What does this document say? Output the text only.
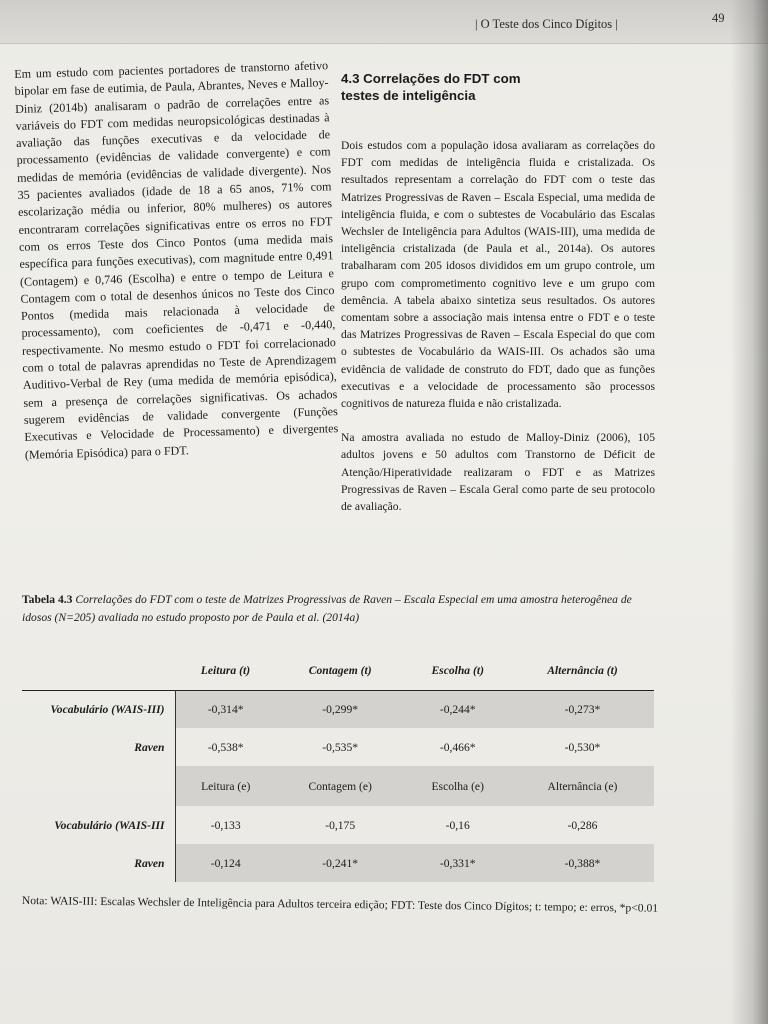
| O Teste dos Cinco Dígitos |	49
Em um estudo com pacientes portadores de transtorno afetivo bipolar em fase de eutimia, de Paula, Abrantes, Neves e Malloy-Diniz (2014b) analisaram o padrão de correlações entre as variáveis do FDT com medidas neuropsicológicas destinadas à avaliação das funções executivas e da velocidade de processamento (evidências de validade convergente) e com medidas de memória (evidências de validade divergente). Nos 35 pacientes avaliados (idade de 18 a 65 anos, 71% com escolarização média ou inferior, 80% mulheres) os autores encontraram correlações significativas entre os erros no FDT com os erros Teste dos Cinco Pontos (uma medida mais específica para funções executivas), com magnitude entre 0,491 (Contagem) e 0,746 (Escolha) e entre o tempo de Leitura e Contagem com o total de desenhos únicos no Teste dos Cinco Pontos (medida mais relacionada à velocidade de processamento), com coeficientes de -0,471 e -0,440, respectivamente. No mesmo estudo o FDT foi correlacionado com o total de palavras aprendidas no Teste de Aprendizagem Auditivo-Verbal de Rey (uma medida de memória episódica), sem a presença de correlações significativas. Os achados sugerem evidências de validade convergente (Funções Executivas e Velocidade de Processamento) e divergentes (Memória Episódica) para o FDT.
4.3 Correlações do FDT com
testes de inteligência

Dois estudos com a população idosa avaliaram as correlações do FDT com medidas de inteligência fluida e cristalizada. Os resultados representam a correlação do FDT com o teste das Matrizes Progressivas de Raven – Escala Especial, uma medida de inteligência fluida, e com o subtestes de Vocabulário das Escalas Wechsler de Inteligência para Adultos (WAIS-III), uma medida de inteligência cristalizada (de Paula et al., 2014a). Os autores trabalharam com 205 idosos divididos em um grupo controle, um grupo com comprometimento cognitivo leve e um grupo com demência. A tabela abaixo sintetiza seus resultados. Os autores comentam sobre a associação mais intensa entre o FDT e o teste das Matrizes Progressivas de Raven – Escala Especial do que com o subtestes de Vocabulário da WAIS-III. Os achados são uma evidência de validade de construto do FDT, dado que as funções executivas e a velocidade de processamento são processos cognitivos de natureza fluida e não cristalizada.

Na amostra avaliada no estudo de Malloy-Diniz (2006), 105 adultos jovens e 50 adultos com Transtorno de Déficit de Atenção/Hiperatividade realizaram o FDT e as Matrizes Progressivas de Raven – Escala Geral como parte de seu protocolo de avaliação.

Tabela 4.3 Correlações do FDT com o teste de Matrizes Progressivas de Raven – Escala Especial em uma amostra heterogênea de idosos (N=205) avaliada no estudo proposto por de Paula et al. (2014a)
	Leitura (t)	Contagem (t)	Escolha (t)	Alternância (t)
Vocabulário (WAIS-III)	-0,314*	-0,299*	-0,244*	-0,273*
Raven	-0,538*	-0,535*	-0,466*	-0,530*
	Leitura (e)	Contagem (e)	Escolha (e)	Alternância (e)
Vocabulário (WAIS-III	-0,133	-0,175	-0,16	-0,286
Raven	-0,124	-0,241*	-0,331*	-0,388*
Nota: WAIS-III: Escalas Wechsler de Inteligência para Adultos terceira edição; FDT: Teste dos Cinco Dígitos; t: tempo; e: erros, *p<0.01
